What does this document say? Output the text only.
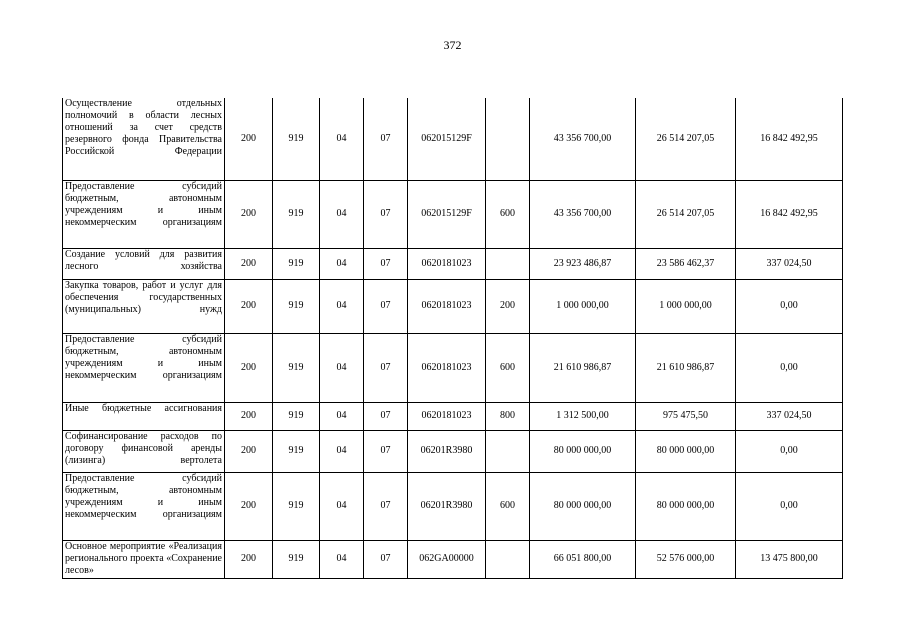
372
Осуществление отдельных полномочий в области лесных отношений за счет средств резервного фонда Правительства Российской Федерации	200	919	04	07	062015129F		43 356 700,00	26 514 207,05	16 842 492,95
Предоставление субсидий бюджетным, автономным учреждениям и иным некоммерческим организациям	200	919	04	07	062015129F	600	43 356 700,00	26 514 207,05	16 842 492,95
Создание условий для развития лесного хозяйства	200	919	04	07	0620181023		23 923 486,87	23 586 462,37	337 024,50
Закупка товаров, работ и услуг для обеспечения государственных (муниципальных) нужд	200	919	04	07	0620181023	200	1 000 000,00	1 000 000,00	0,00
Предоставление субсидий бюджетным, автономным учреждениям и иным некоммерческим организациям	200	919	04	07	0620181023	600	21 610 986,87	21 610 986,87	0,00
Иные бюджетные ассигнования	200	919	04	07	0620181023	800	1 312 500,00	975 475,50	337 024,50
Софинансирование расходов по договору финансовой аренды (лизинга) вертолета	200	919	04	07	06201R3980		80 000 000,00	80 000 000,00	0,00
Предоставление субсидий бюджетным, автономным учреждениям и иным некоммерческим организациям	200	919	04	07	06201R3980	600	80 000 000,00	80 000 000,00	0,00
Основное мероприятие «Реализация регионального проекта «Сохранение лесов»	200	919	04	07	062GA00000		66 051 800,00	52 576 000,00	13 475 800,00
